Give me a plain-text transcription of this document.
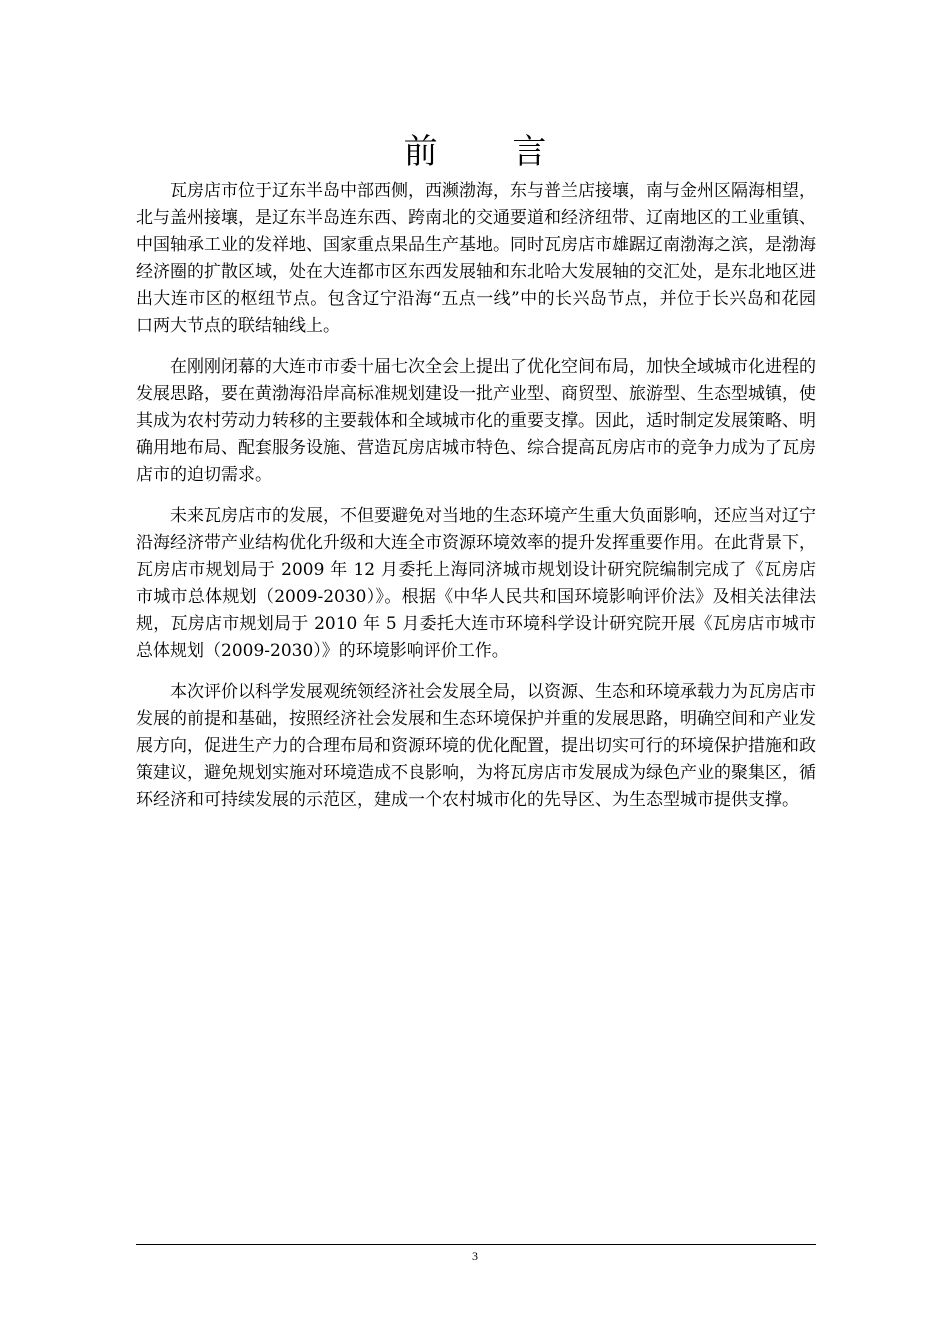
前 言

瓦房店市位于辽东半岛中部西侧，西濒渤海，东与普兰店接壤，南与金州区隔海相望，北与盖州接壤，是辽东半岛连东西、跨南北的交通要道和经济纽带、辽南地区的工业重镇、中国轴承工业的发祥地、国家重点果品生产基地。同时瓦房店市雄踞辽南渤海之滨，是渤海经济圈的扩散区域，处在大连都市区东西发展轴和东北哈大发展轴的交汇处，是东北地区进出大连市区的枢纽节点。包含辽宁沿海“五点一线”中的长兴岛节点，并位于长兴岛和花园口两大节点的联结轴线上。

在刚刚闭幕的大连市市委十届七次全会上提出了优化空间布局，加快全域城市化进程的发展思路，要在黄渤海沿岸高标准规划建设一批产业型、商贸型、旅游型、生态型城镇，使其成为农村劳动力转移的主要载体和全域城市化的重要支撑。因此，适时制定发展策略、明确用地布局、配套服务设施、营造瓦房店城市特色、综合提高瓦房店市的竞争力成为了瓦房店市的迫切需求。

未来瓦房店市的发展，不但要避免对当地的生态环境产生重大负面影响，还应当对辽宁沿海经济带产业结构优化升级和大连全市资源环境效率的提升发挥重要作用。在此背景下，瓦房店市规划局于 2009 年 12 月委托上海同济城市规划设计研究院编制完成了《瓦房店市城市总体规划（2009-2030）》。根据《中华人民共和国环境影响评价法》及相关法律法规，瓦房店市规划局于 2010 年 5 月委托大连市环境科学设计研究院开展《瓦房店市城市总体规划（2009-2030）》的环境影响评价工作。

本次评价以科学发展观统领经济社会发展全局，以资源、生态和环境承载力为瓦房店市发展的前提和基础，按照经济社会发展和生态环境保护并重的发展思路，明确空间和产业发展方向，促进生产力的合理布局和资源环境的优化配置，提出切实可行的环境保护措施和政策建议，避免规划实施对环境造成不良影响，为将瓦房店市发展成为绿色产业的聚集区，循环经济和可持续发展的示范区，建成一个农村城市化的先导区、为生态型城市提供支撑。

3
